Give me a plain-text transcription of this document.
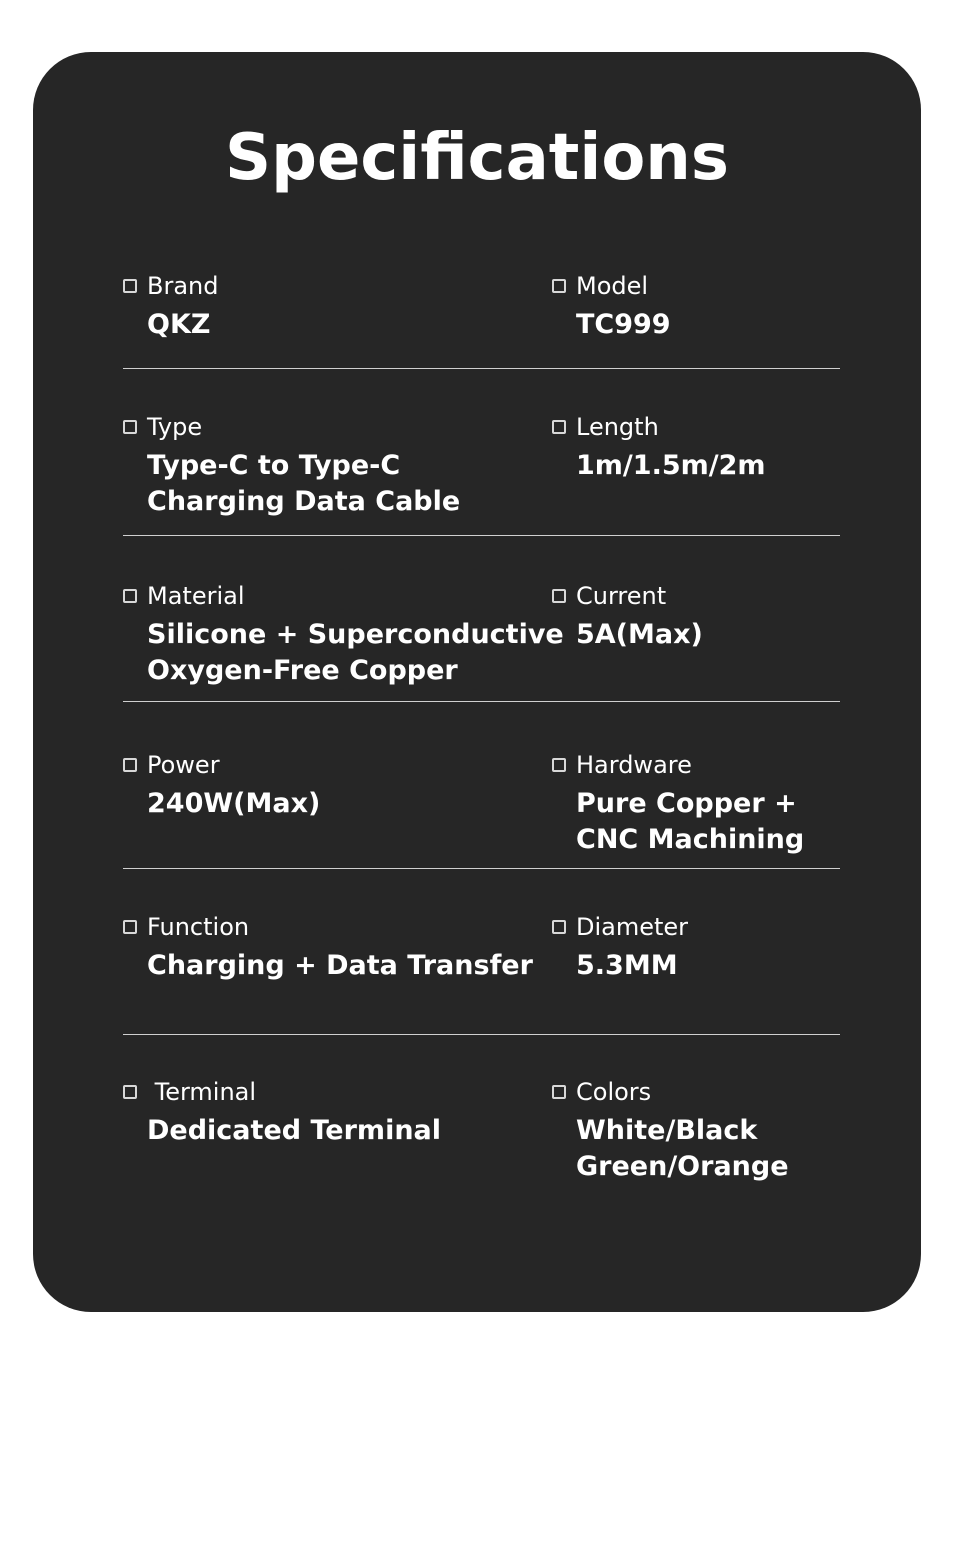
Specifications
Brand
QKZ
Model
TC999
Type
Type-C to Type-C
Charging Data Cable
Length
1m/1.5m/2m
Material
Silicone + Superconductive
Oxygen-Free Copper
Current
5A(Max)
Power
240W(Max)
Hardware
Pure Copper +
CNC Machining
Function
Charging + Data Transfer
Diameter
5.3MM
Terminal
Dedicated Terminal
Colors
White/Black
Green/Orange
